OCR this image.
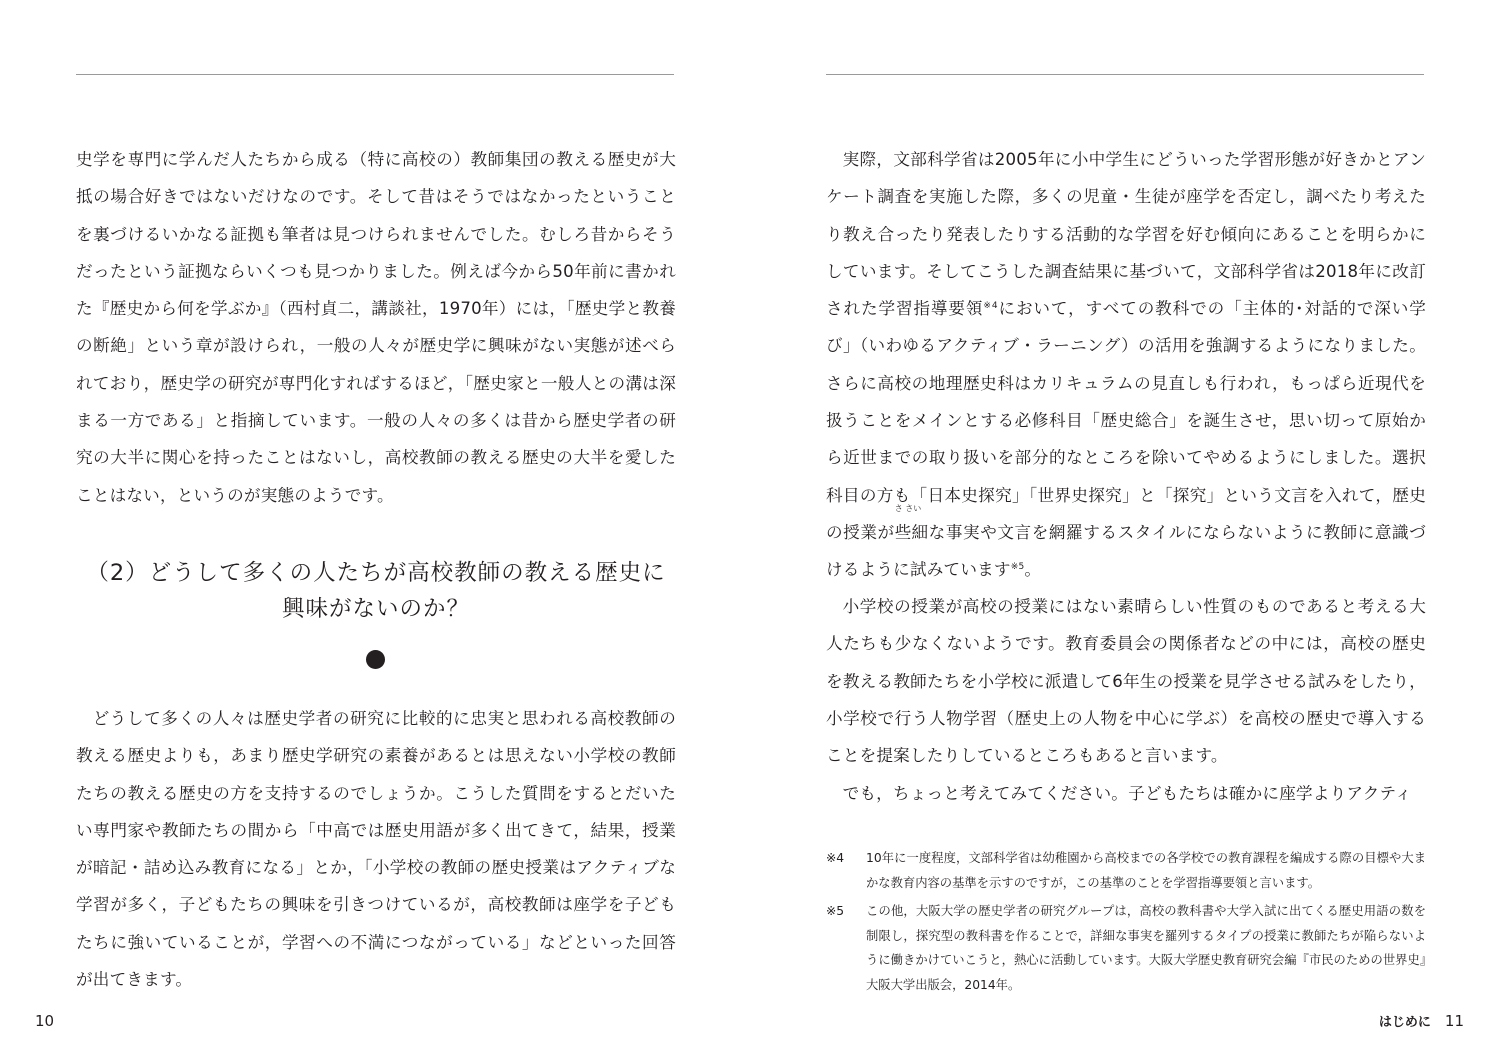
史学を専門に学んだ人たちから成る（特に高校の）教師集団の教える歴史が大抵の場合好きではないだけなのです。そして昔はそうではなかったということを裏づけるいかなる証拠も筆者は見つけられませんでした。むしろ昔からそうだったという証拠ならいくつも見つかりました。例えば今から50年前に書かれた『歴史から何を学ぶか』（西村貞二，講談社，1970年）には，「歴史学と教養の断絶」という章が設けられ，一般の人々が歴史学に興味がない実態が述べられており，歴史学の研究が専門化すればするほど，「歴史家と一般人との溝は深まる一方である」と指摘しています。一般の人々の多くは昔から歴史学者の研究の大半に関心を持ったことはないし，高校教師の教える歴史の大半を愛したことはない，というのが実態のようです。

（2）どうして多くの人たちが高校教師の教える歴史に

興味がないのか？

どうして多くの人々は歴史学者の研究に比較的に忠実と思われる高校教師の教える歴史よりも，あまり歴史学研究の素養があるとは思えない小学校の教師たちの教える歴史の方を支持するのでしょうか。こうした質問をするとだいたい専門家や教師たちの間から「中高では歴史用語が多く出てきて，結果，授業が暗記・詰め込み教育になる」とか，「小学校の教師の歴史授業はアクティブな学習が多く，子どもたちの興味を引きつけているが，高校教師は座学を子どもたちに強いていることが，学習への不満につながっている」などといった回答が出てきます。

10

実際，文部科学省は2005年に小中学生にどういった学習形態が好きかとアンケート調査を実施した際，多くの児童・生徒が座学を否定し，調べたり考えたり教え合ったり発表したりする活動的な学習を好む傾向にあることを明らかにしています。そしてこうした調査結果に基づいて，文部科学省は2018年に改訂された学習指導要領$^{※4}$において，すべての教科での「主体的･対話的で深い学び」（いわゆるアクティブ・ラーニング）の活用を強調するようになりました。さらに高校の地理歴史科はカリキュラムの見直しも行われ，もっぱら近現代を扱うことをメインとする必修科目「歴史総合」を誕生させ，思い切って原始から近世までの取り扱いを部分的なところを除いてやめるようにしました。選択科目の方も「日本史探究」「世界史探究」と「探究」という文言を入れて，歴史の授業が
さ さい
些細な事実や文言を網羅するスタイルにならないように教師に意識づけるように試みています$^{※5}$。

小学校の授業が高校の授業にはない素晴らしい性質のものであると考える大人たちも少なくないようです。教育委員会の関係者などの中には，高校の歴史を教える教師たちを小学校に派遣して6年生の授業を見学させる試みをしたり，小学校で行う人物学習（歴史上の人物を中心に学ぶ）を高校の歴史で導入することを提案したりしているところもあると言います。

でも，ちょっと考えてみてください。子どもたちは確かに座学よりアクティ

※4 10年に一度程度，文部科学省は幼稚園から高校までの各学校での教育課程を編成する際の目標や大まかな教育内容の基準を示すのですが，この基準のことを学習指導要領と言います。
※5 この他，大阪大学の歴史学者の研究グループは，高校の教科書や大学入試に出てくる歴史用語の数を制限し，探究型の教科書を作ることで，詳細な事実を羅列するタイプの授業に教師たちが陥らないように働きかけていこうと，熱心に活動しています。大阪大学歴史教育研究会編『市民のための世界史』大阪大学出版会，2014年。
はじめに 11
